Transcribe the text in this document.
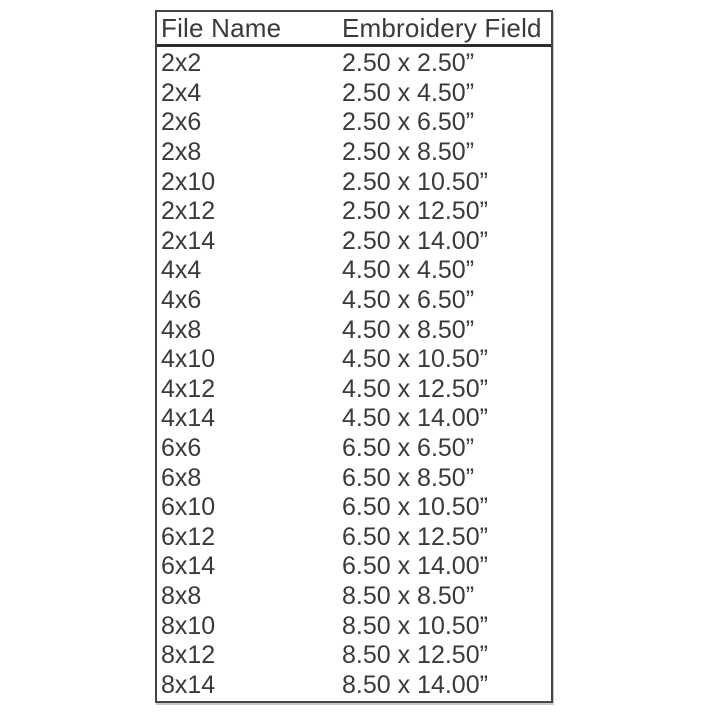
File Name	Embroidery Field
2x2	2.50 x 2.50”
2x4	2.50 x 4.50”
2x6	2.50 x 6.50”
2x8	2.50 x 8.50”
2x10	2.50 x 10.50”
2x12	2.50 x 12.50”
2x14	2.50 x 14.00”
4x4	4.50 x 4.50”
4x6	4.50 x 6.50”
4x8	4.50 x 8.50”
4x10	4.50 x 10.50”
4x12	4.50 x 12.50”
4x14	4.50 x 14.00”
6x6	6.50 x 6.50”
6x8	6.50 x 8.50”
6x10	6.50 x 10.50”
6x12	6.50 x 12.50”
6x14	6.50 x 14.00”
8x8	8.50 x 8.50”
8x10	8.50 x 10.50”
8x12	8.50 x 12.50”
8x14	8.50 x 14.00”
